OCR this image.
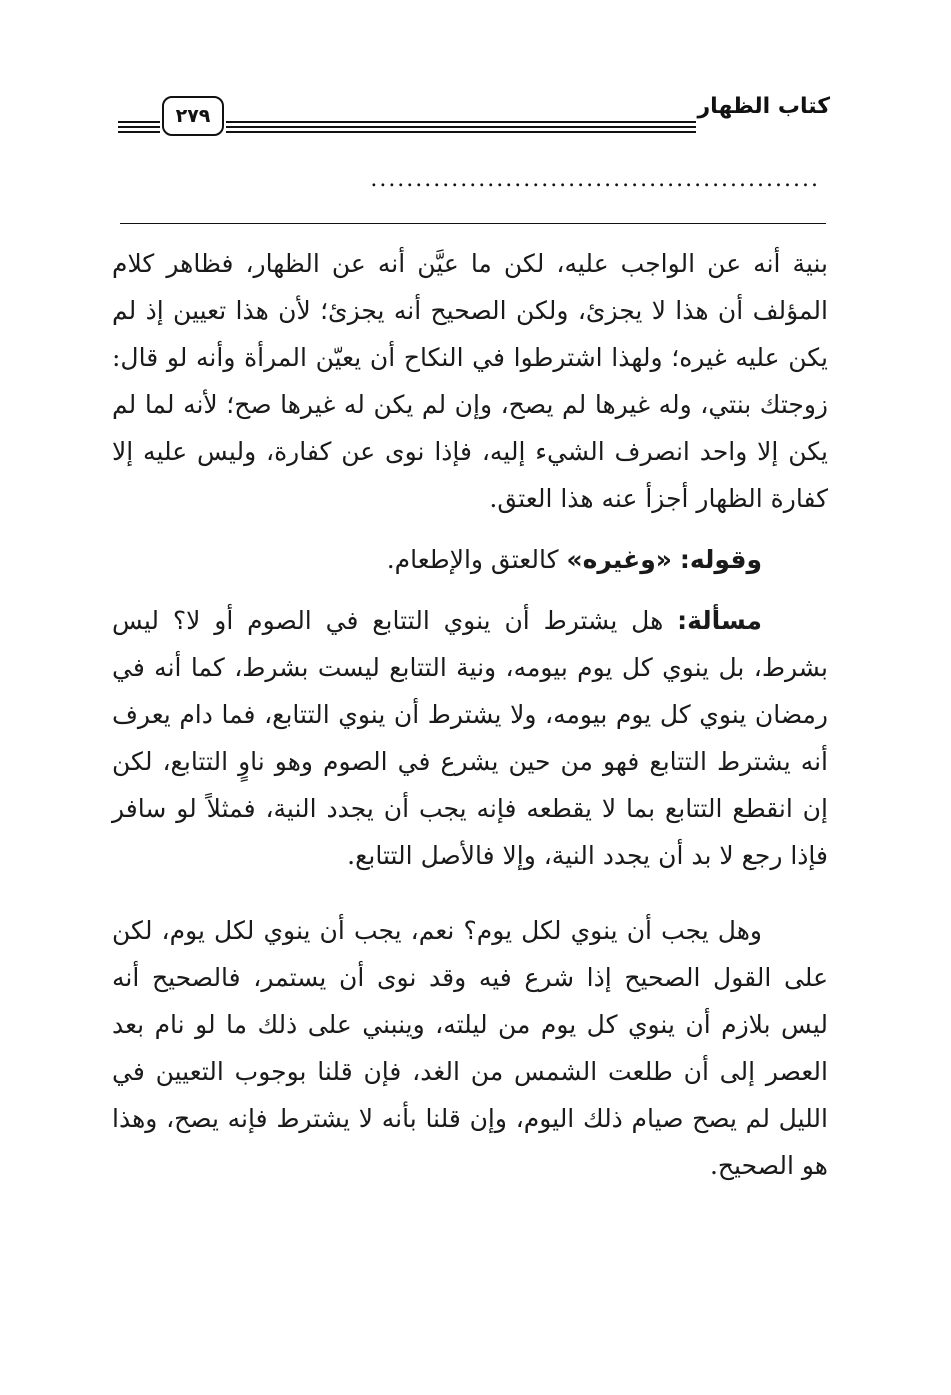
٢٧٩	كتاب الظهار
..................................................

بنية أنه عن الواجب عليه، لكن ما عيَّن أنه عن الظهار، فظاهر كلام المؤلف أن هذا لا يجزئ، ولكن الصحيح أنه يجزئ؛ لأن هذا تعيين إذ لم يكن عليه غيره؛ ولهذا اشترطوا في النكاح أن يعيّن المرأة وأنه لو قال: زوجتك بنتي، وله غيرها لم يصح، وإن لم يكن له غيرها صح؛ لأنه لما لم يكن إلا واحد انصرف الشيء إليه، فإذا نوى عن كفارة، وليس عليه إلا كفارة الظهار أجزأ عنه هذا العتق.

وقوله: «وغيره» كالعتق والإطعام.

مسألة: هل يشترط أن ينوي التتابع في الصوم أو لا؟ ليس بشرط، بل ينوي كل يوم بيومه، ونية التتابع ليست بشرط، كما أنه في رمضان ينوي كل يوم بيومه، ولا يشترط أن ينوي التتابع، فما دام يعرف أنه يشترط التتابع فهو من حين يشرع في الصوم وهو ناوٍ التتابع، لكن إن انقطع التتابع بما لا يقطعه فإنه يجب أن يجدد النية، فمثلاً لو سافر فإذا رجع لا بد أن يجدد النية، وإلا فالأصل التتابع.

وهل يجب أن ينوي لكل يوم؟ نعم، يجب أن ينوي لكل يوم، لكن على القول الصحيح إذا شرع فيه وقد نوى أن يستمر، فالصحيح أنه ليس بلازم أن ينوي كل يوم من ليلته، وينبني على ذلك ما لو نام بعد العصر إلى أن طلعت الشمس من الغد، فإن قلنا بوجوب التعيين في الليل لم يصح صيام ذلك اليوم، وإن قلنا بأنه لا يشترط فإنه يصح، وهذا هو الصحيح.
